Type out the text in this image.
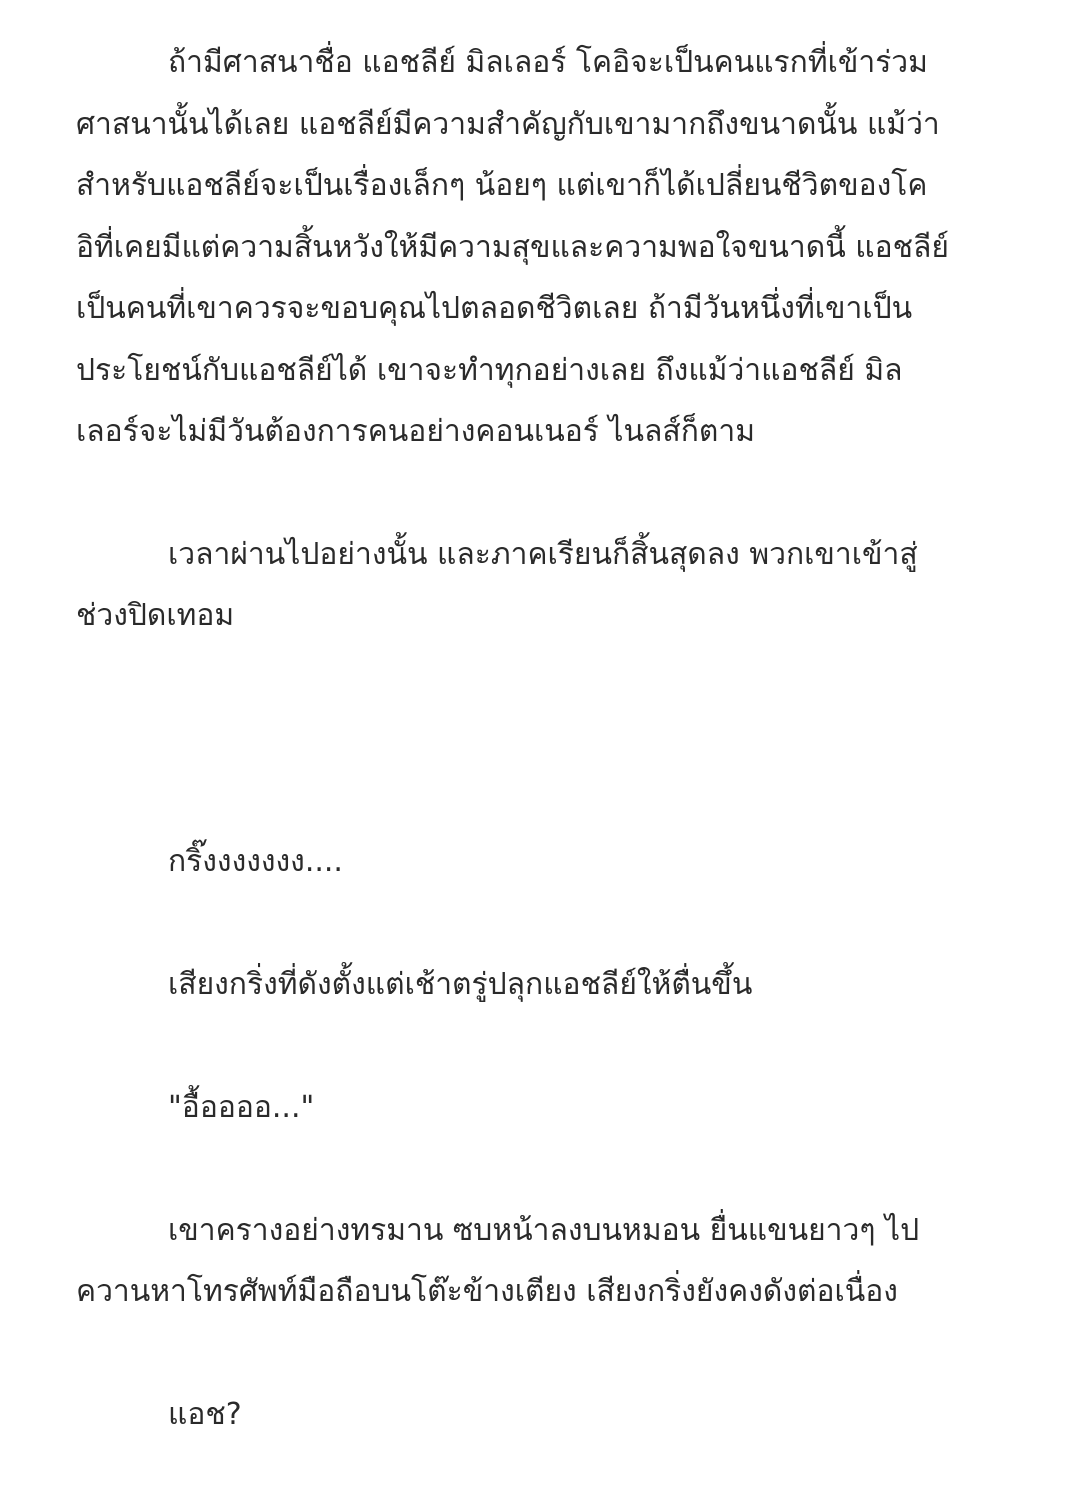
ถ้ามีศาสนาชื่อ แอชลีย์ มิลเลอร์ โคอิจะเป็นคนแรกที่เข้าร่วม

ศาสนานั้นได้เลย แอชลีย์มีความสำคัญกับเขามากถึงขนาดนั้น แม้ว่า

สำหรับแอชลีย์จะเป็นเรื่องเล็กๆ น้อยๆ แต่เขาก็ได้เปลี่ยนชีวิตของโค

อิที่เคยมีแต่ความสิ้นหวังให้มีความสุขและความพอใจขนาดนี้ แอชลีย์

เป็นคนที่เขาควรจะขอบคุณไปตลอดชีวิตเลย ถ้ามีวันหนึ่งที่เขาเป็น

ประโยชน์กับแอชลีย์ได้ เขาจะทำทุกอย่างเลย ถึงแม้ว่าแอชลีย์ มิล

เลอร์จะไม่มีวันต้องการคนอย่างคอนเนอร์ ไนลส์ก็ตาม

เวลาผ่านไปอย่างนั้น และภาคเรียนก็สิ้นสุดลง พวกเขาเข้าสู่

ช่วงปิดเทอม

กริ๊งงงงงงง....

เสียงกริ่งที่ดังตั้งแต่เช้าตรู่ปลุกแอชลีย์ให้ตื่นขึ้น

"อื้ออออ..."

เขาครางอย่างทรมาน ซบหน้าลงบนหมอน ยื่นแขนยาวๆ ไป

ควานหาโทรศัพท์มือถือบนโต๊ะข้างเตียง เสียงกริ่งยังคงดังต่อเนื่อง

แอช?
